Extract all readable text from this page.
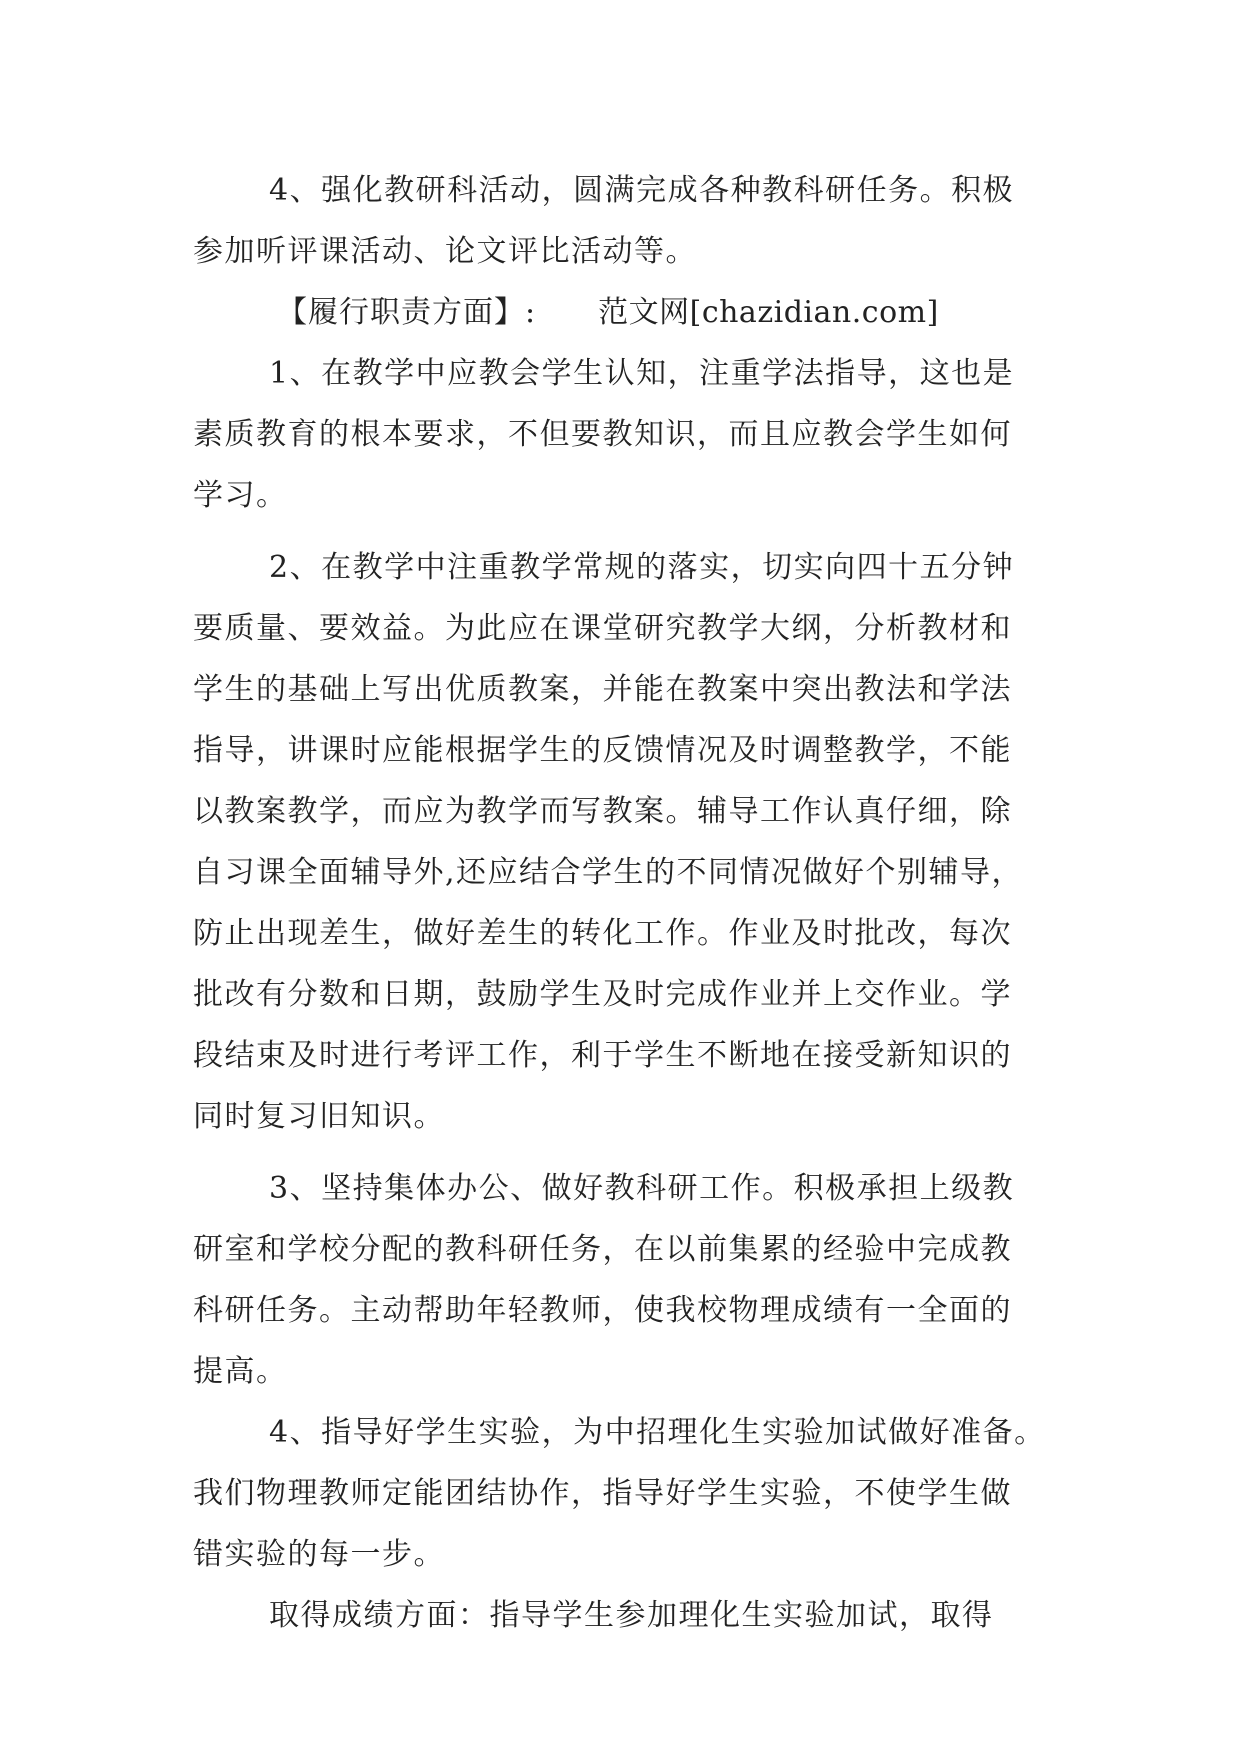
4、强化教研科活动，圆满完成各种教科研任务。积极
参加听评课活动、论文评比活动等。
【履行职责方面】: 范文网[chazidian.com]
1、在教学中应教会学生认知，注重学法指导，这也是
素质教育的根本要求，不但要教知识，而且应教会学生如何
学习。
2、在教学中注重教学常规的落实，切实向四十五分钟
要质量、要效益。为此应在课堂研究教学大纲，分析教材和
学生的基础上写出优质教案，并能在教案中突出教法和学法
指导，讲课时应能根据学生的反馈情况及时调整教学，不能
以教案教学，而应为教学而写教案。辅导工作认真仔细，除
自习课全面辅导外,还应结合学生的不同情况做好个别辅导，
防止出现差生，做好差生的转化工作。作业及时批改，每次
批改有分数和日期，鼓励学生及时完成作业并上交作业。学
段结束及时进行考评工作，利于学生不断地在接受新知识的
同时复习旧知识。
3、坚持集体办公、做好教科研工作。积极承担上级教
研室和学校分配的教科研任务，在以前集累的经验中完成教
科研任务。主动帮助年轻教师，使我校物理成绩有一全面的
提高。
4、指导好学生实验，为中招理化生实验加试做好准备。
我们物理教师定能团结协作，指导好学生实验，不使学生做
错实验的每一步。
取得成绩方面：指导学生参加理化生实验加试，取得
